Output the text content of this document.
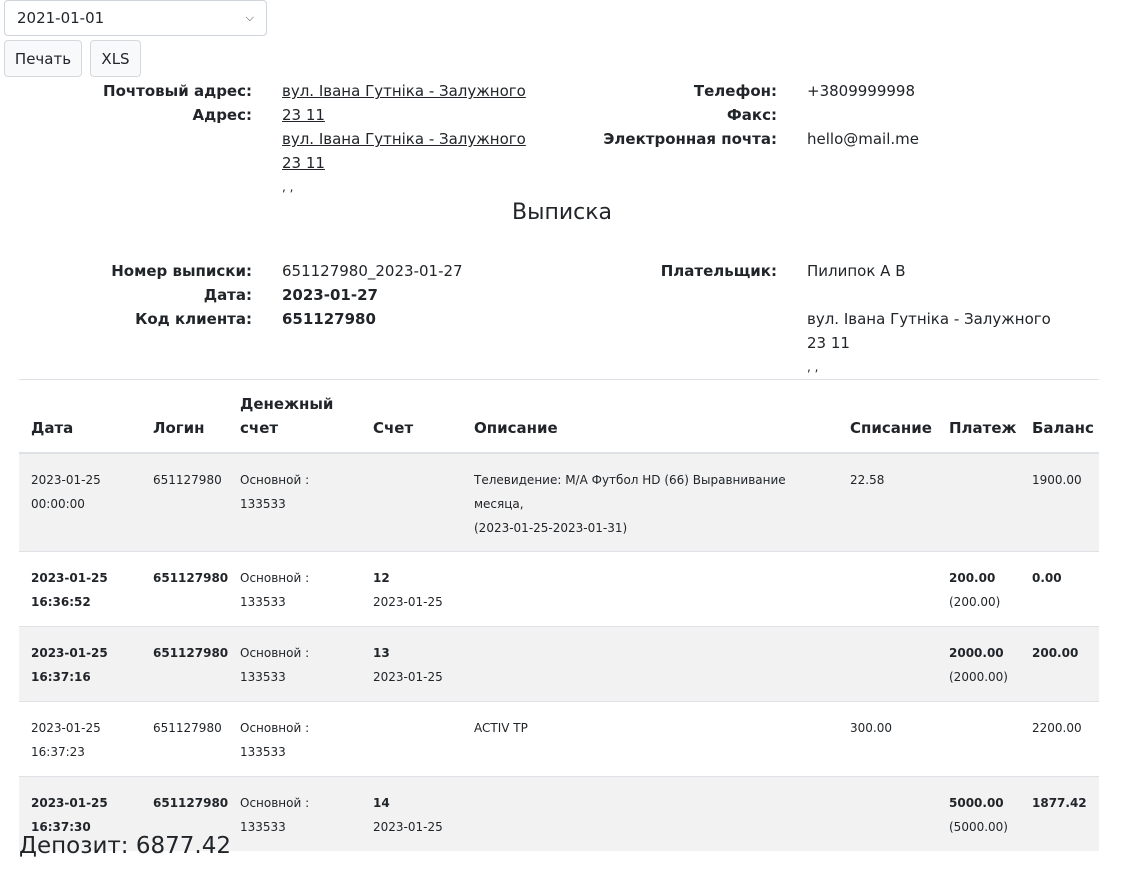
2021-01-01	⌵
Печать	XLS
Почтовый адрес: вул. Івана Гутніка - Залужного
23 11
Адрес:
вул. Івана Гутніка - Залужного
23 11
, ,
Телефон: +3809999998
Факс:
Электронная почта: hello@mail.me
Выписка
Номер выписки: 651127980_2023-01-27
Дата: 2023-01-27
Код клиента: 651127980
Плательщик: Пилипок А В
вул. Івана Гутніка - Залужного
23 11
, ,
Дата	Логин	Денежный
счет	Счет	Описание	Списание	Платеж	Баланс
2023-01-25
00:00:00	651127980	Основной :
133533		Телевидение: M/A Футбол HD (66) Выравнивание месяца,
(2023-01-25-2023-01-31)	22.58		1900.00
2023-01-25
16:36:52	651127980	Основной :
133533	12
2023-01-25			200.00
(200.00)	0.00
2023-01-25
16:37:16	651127980	Основной :
133533	13
2023-01-25			2000.00
(2000.00)	200.00
2023-01-25
16:37:23	651127980	Основной :
133533		ACTIV TP	300.00		2200.00
2023-01-25
16:37:30	651127980	Основной :
133533	14
2023-01-25			5000.00
(5000.00)	1877.42
Депозит: 6877.42
